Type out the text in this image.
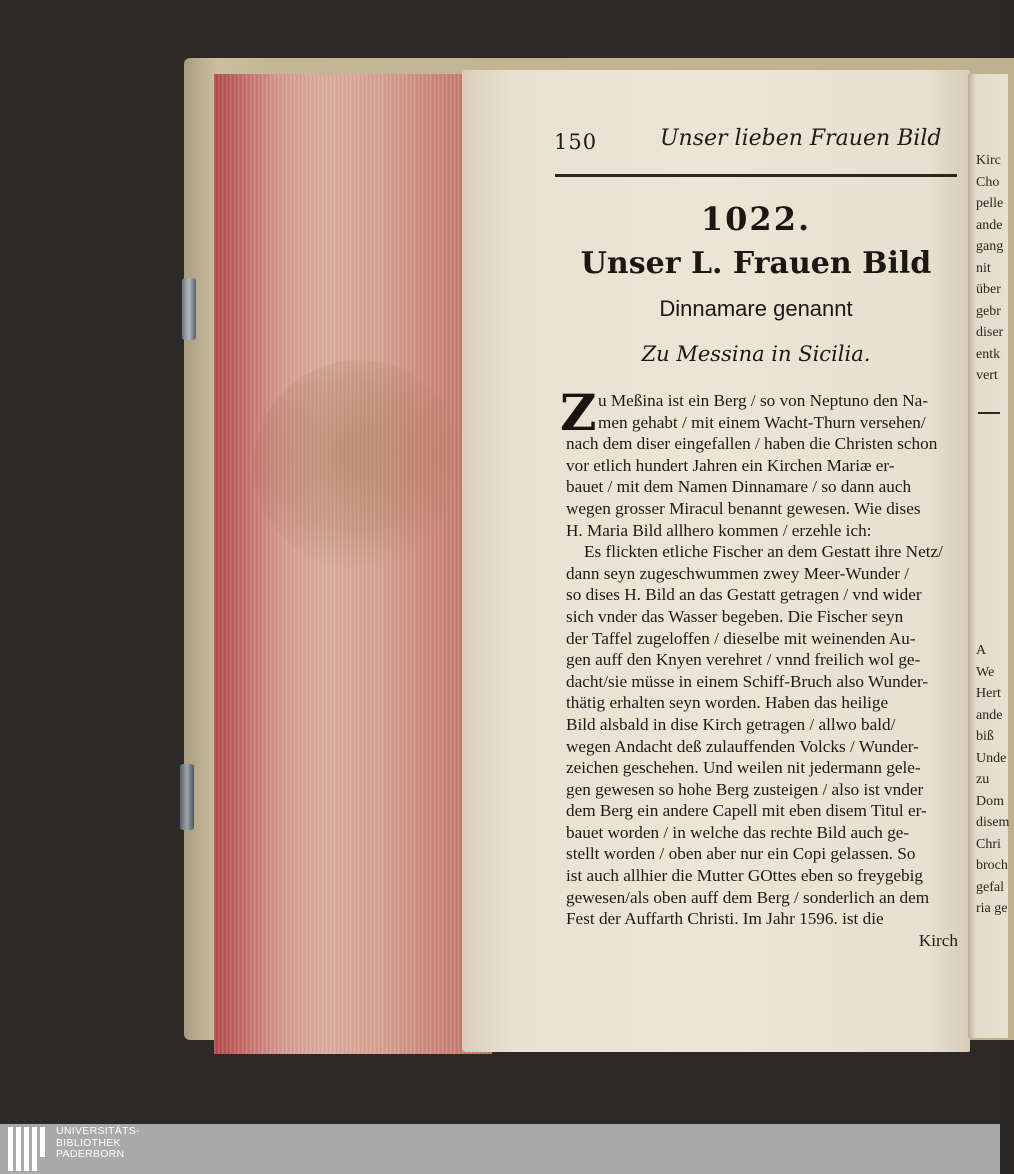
150	Unser lieben Frauen Bild
1022.
Unser L. Frauen Bild
Dinnamare genannt
Zu Messina in Sicilia.
Z u Meßina ist ein Berg / so von Neptuno den Na-
men gehabt / mit einem Wacht-Thurn versehen/
nach dem diser eingefallen / haben die Christen schon
vor etlich hundert Jahren ein Kirchen Mariæ er-
bauet / mit dem Namen Dinnamare / so dann auch
wegen grosser Miracul benannt gewesen. Wie dises
H. Maria Bild allhero kommen / erzehle ich:
Es flickten etliche Fischer an dem Gestatt ihre Netz/
dann seyn zugeschwummen zwey Meer-Wunder /
so dises H. Bild an das Gestatt getragen / vnd wider
sich vnder das Wasser begeben. Die Fischer seyn
der Taffel zugeloffen / dieselbe mit weinenden Au-
gen auff den Knyen verehret / vnnd freilich wol ge-
dacht/sie müsse in einem Schiff-Bruch also Wunder-
thätig erhalten seyn worden. Haben das heilige
Bild alsbald in dise Kirch getragen / allwo bald/
wegen Andacht deß zulauffenden Volcks / Wunder-
zeichen geschehen. Und weilen nit jedermann gele-
gen gewesen so hohe Berg zusteigen / also ist vnder
dem Berg ein andere Capell mit eben disem Titul er-
bauet worden / in welche das rechte Bild auch ge-
stellt worden / oben aber nur ein Copi gelassen. So
ist auch allhier die Mutter GOttes eben so freygebig
gewesen/als oben auff dem Berg / sonderlich an dem
Fest der Auffarth Christi. Im Jahr 1596. ist die
Kirch
Kirc
Cho
pelle
ande
gang
nit
über
gebr
diser
entk
vert
A
We
Hert
ande
biß
Unde
zu
Dom
disem
Chri
broch
gefal
ria ge
UNIVERSITÄTS-
BIBLIOTHEK
PADERBORN
